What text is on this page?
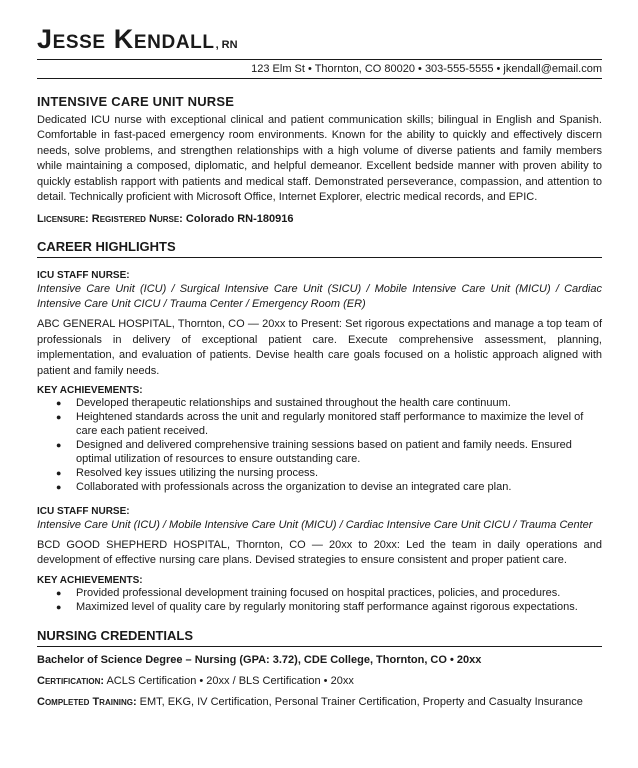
Jesse Kendall , RN
123 Elm St • Thornton, CO 80020 • 303-555-5555 • jkendall@email.com
INTENSIVE CARE UNIT NURSE
Dedicated ICU nurse with exceptional clinical and patient communication skills; bilingual in English and Spanish. Comfortable in fast-paced emergency room environments. Known for the ability to quickly and effectively discern needs, solve problems, and strengthen relationships with a high volume of diverse patients and family members while maintaining a composed, diplomatic, and helpful demeanor. Excellent bedside manner with proven ability to quickly establish rapport with patients and medical staff. Demonstrated perseverance, compassion, and attention to detail. Technically proficient with Microsoft Office, Internet Explorer, electric medical records, and EPIC.
Licensure: Registered Nurse: Colorado RN-180916
CAREER HIGHLIGHTS
ICU STAFF NURSE:
Intensive Care Unit (ICU) / Surgical Intensive Care Unit (SICU) / Mobile Intensive Care Unit (MICU) / Cardiac Intensive Care Unit CICU / Trauma Center / Emergency Room (ER)
ABC GENERAL HOSPITAL, Thornton, CO — 20xx to Present: Set rigorous expectations and manage a top team of professionals in delivery of exceptional patient care. Execute comprehensive assessment, planning, implementation, and evaluation of patients. Devise health care goals focused on a holistic approach aligned with patient and family needs.
KEY ACHIEVEMENTS:
● Developed therapeutic relationships and sustained throughout the health care continuum.
● Heightened standards across the unit and regularly monitored staff performance to maximize the level of care each patient received.
● Designed and delivered comprehensive training sessions based on patient and family needs. Ensured optimal utilization of resources to ensure outstanding care.
● Resolved key issues utilizing the nursing process.
● Collaborated with professionals across the organization to devise an integrated care plan.
ICU STAFF NURSE:
Intensive Care Unit (ICU) / Mobile Intensive Care Unit (MICU) / Cardiac Intensive Care Unit CICU / Trauma Center
BCD GOOD SHEPHERD HOSPITAL, Thornton, CO — 20xx to 20xx: Led the team in daily operations and development of effective nursing care plans. Devised strategies to ensure consistent and proper patient care.
KEY ACHIEVEMENTS:
● Provided professional development training focused on hospital practices, policies, and procedures.
● Maximized level of quality care by regularly monitoring staff performance against rigorous expectations.
NURSING CREDENTIALS
Bachelor of Science Degree – Nursing (GPA: 3.72), CDE College, Thornton, CO • 20xx
Certification: ACLS Certification • 20xx / BLS Certification • 20xx
Completed Training: EMT, EKG, IV Certification, Personal Trainer Certification, Property and Casualty Insurance
